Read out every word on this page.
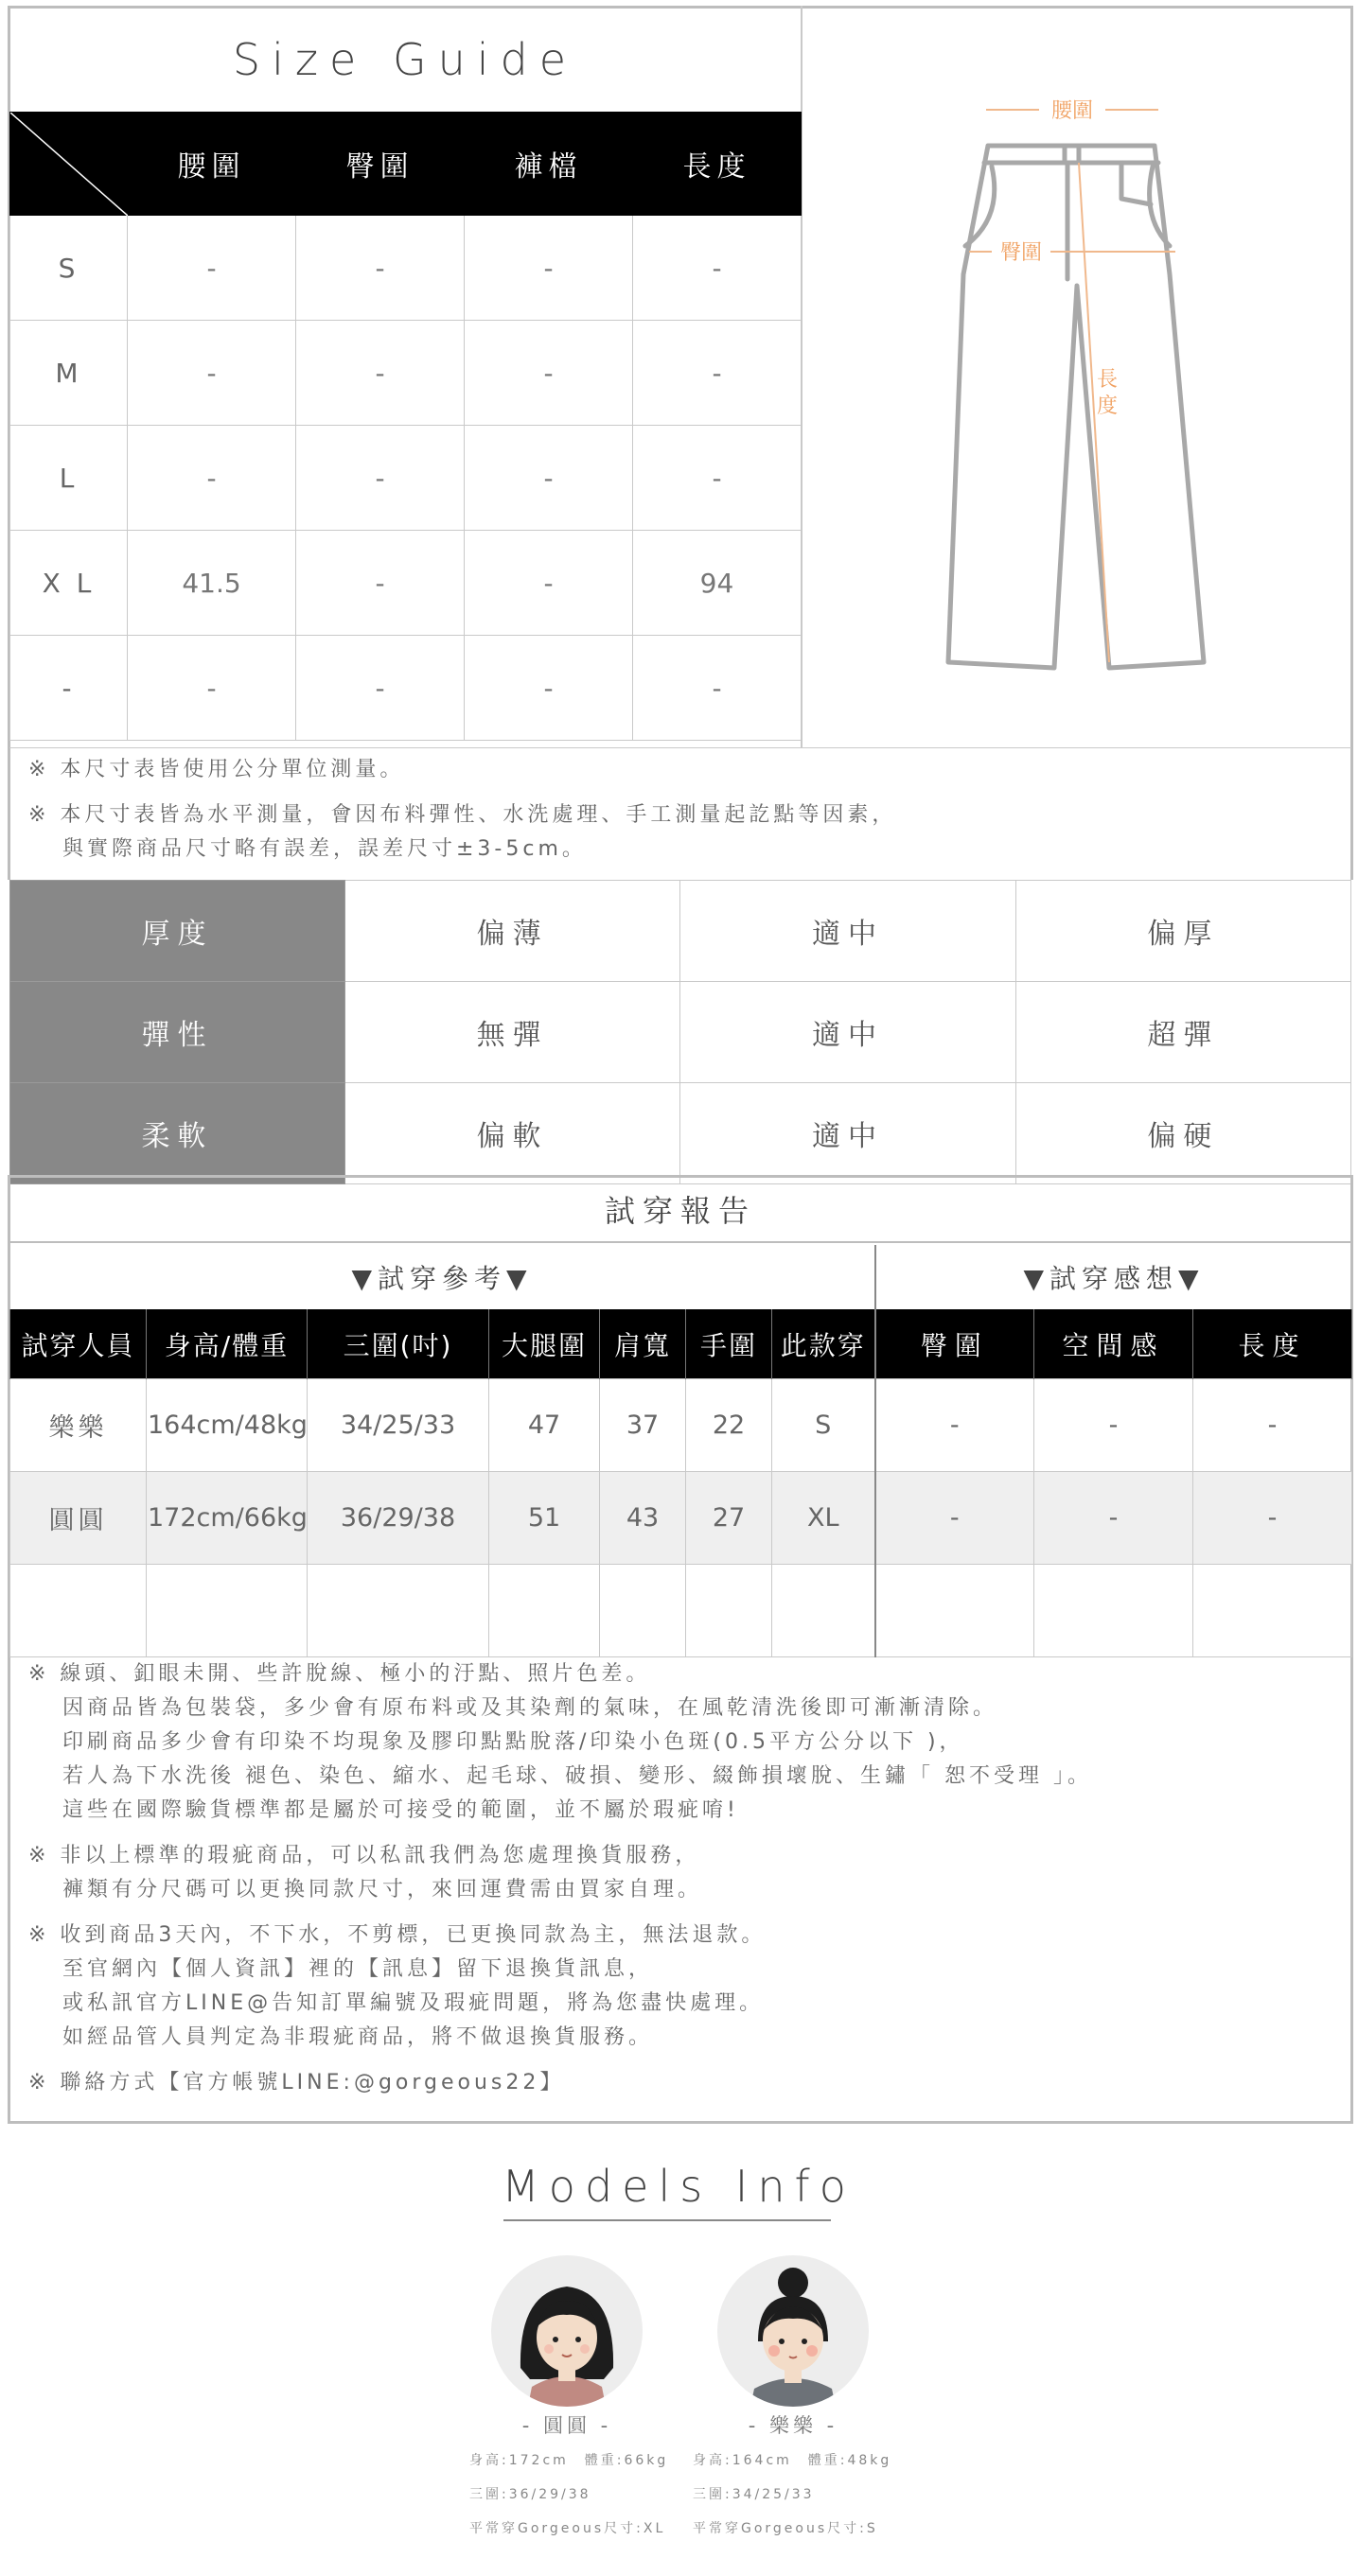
Size Guide
	腰圍	臀圍	褲檔	長度
S	-	-	-	-
M	-	-	-	-
L	-	-	-	-
X L	41.5	-	-	94
-	-	-	-	-
腰圍
臀圍
長
度
※ 本尺寸表皆使用公分單位測量。
※ 本尺寸表皆為水平測量，會因布料彈性、水洗處理、手工測量起訖點等因素，
與實際商品尺寸略有誤差，誤差尺寸±3-5cm。
厚度	偏薄	適中	偏厚
彈性	無彈	適中	超彈
柔軟	偏軟	適中	偏硬
試穿報告
▼試穿參考▼	▼試穿感想▼
試穿人員	身高/體重	三圍(吋)	大腿圍	肩寬	手圍	此款穿	臀圍	空間感	長度
樂樂	164cm/48kg	34/25/33	47	37	22	S	-	-	-
圓圓	172cm/66kg	36/29/38	51	43	27	XL	-	-	-

※ 線頭、釦眼未開、些許脫線、極小的汙點、照片色差。
因商品皆為包裝袋，多少會有原布料或及其染劑的氣味，在風乾清洗後即可漸漸清除。
印刷商品多少會有印染不均現象及膠印點點脫落/印染小色斑(0.5平方公分以下 )，
若人為下水洗後 褪色、染色、縮水、起毛球、破損、變形、綴飾損壞脫、生鏽「 恕不受理 」。
這些在國際驗貨標準都是屬於可接受的範圍，並不屬於瑕疵唷!
※ 非以上標準的瑕疵商品，可以私訊我們為您處理換貨服務，
褲類有分尺碼可以更換同款尺寸，來回運費需由買家自理。
※ 收到商品3天內，不下水，不剪標，已更換同款為主，無法退款。
至官網內【個人資訊】裡的【訊息】留下退換貨訊息，
或私訊官方LINE@告知訂單編號及瑕疵問題，將為您盡快處理。
如經品管人員判定為非瑕疵商品，將不做退換貨服務。
※ 聯絡方式【官方帳號LINE:@gorgeous22】
Models Info
- 圓圓 -
身高:172cm　體重:66kg
三圍:36/29/38
平常穿Gorgeous尺寸:XL
- 樂樂 -
身高:164cm　體重:48kg
三圍:34/25/33
平常穿Gorgeous尺寸:S
